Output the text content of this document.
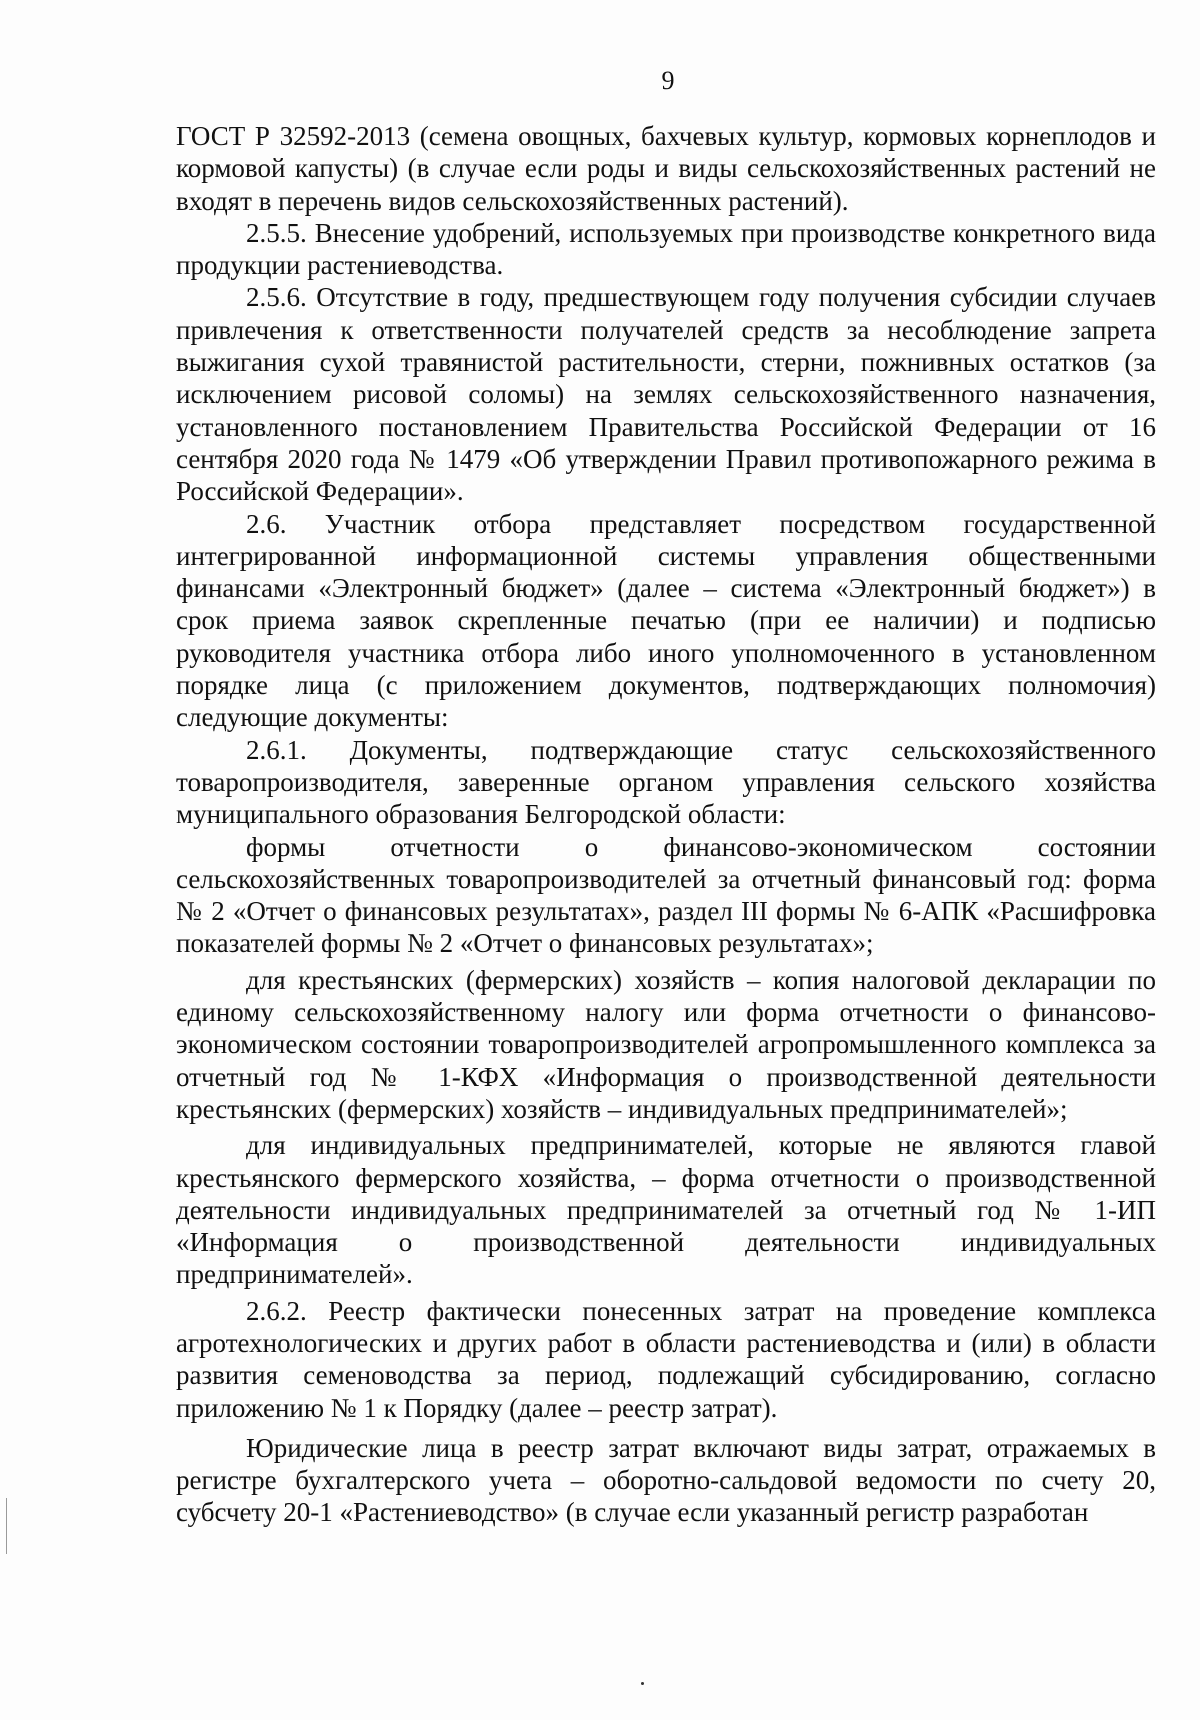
9

ГОСТ Р 32592-2013 (семена овощных, бахчевых культур, кормовых корнеплодов и кормовой капусты) (в случае если роды и виды сельскохозяйственных растений не входят в перечень видов сельскохозяйственных растений).

2.5.5. Внесение удобрений, используемых при производстве конкретного вида продукции растениеводства.

2.5.6. Отсутствие в году, предшествующем году получения субсидии случаев привлечения к ответственности получателей средств за несоблюдение запрета выжигания сухой травянистой растительности, стерни, пожнивных остатков (за исключением рисовой соломы) на землях сельскохозяйственного назначения, установленного постановлением Правительства Российской Федерации от 16 сентября 2020 года № 1479 «Об утверждении Правил противопожарного режима в Российской Федерации».

2.6. Участник отбора представляет посредством государственной интегрированной информационной системы управления общественными финансами «Электронный бюджет» (далее – система «Электронный бюджет») в срок приема заявок скрепленные печатью (при ее наличии) и подписью руководителя участника отбора либо иного уполномоченного в установленном порядке лица (с приложением документов, подтверждающих полномочия) следующие документы:

2.6.1. Документы, подтверждающие статус сельскохозяйственного товаропроизводителя, заверенные органом управления сельского хозяйства муниципального образования Белгородской области:

формы отчетности о финансово-экономическом состоянии сельскохозяйственных товаропроизводителей за отчетный финансовый год: форма № 2 «Отчет о финансовых результатах», раздел III формы № 6-АПК «Расшифровка показателей формы № 2 «Отчет о финансовых результатах»;

для крестьянских (фермерских) хозяйств – копия налоговой декларации по единому сельскохозяйственному налогу или форма отчетности о финансово-экономическом состоянии товаропроизводителей агропромышленного комплекса за отчетный год № 1-КФХ «Информация о производственной деятельности крестьянских (фермерских) хозяйств – индивидуальных предпринимателей»;

для индивидуальных предпринимателей, которые не являются главой крестьянского фермерского хозяйства, – форма отчетности о производственной деятельности индивидуальных предпринимателей за отчетный год № 1-ИП «Информация о производственной деятельности индивидуальных предпринимателей».

2.6.2. Реестр фактически понесенных затрат на проведение комплекса агротехнологических и других работ в области растениеводства и (или) в области развития семеноводства за период, подлежащий субсидированию, согласно приложению № 1 к Порядку (далее – реестр затрат).

Юридические лица в реестр затрат включают виды затрат, отражаемых в регистре бухгалтерского учета – оборотно-сальдовой ведомости по счету 20, субсчету 20-1 «Растениеводство» (в случае если указанный регистр разработан
